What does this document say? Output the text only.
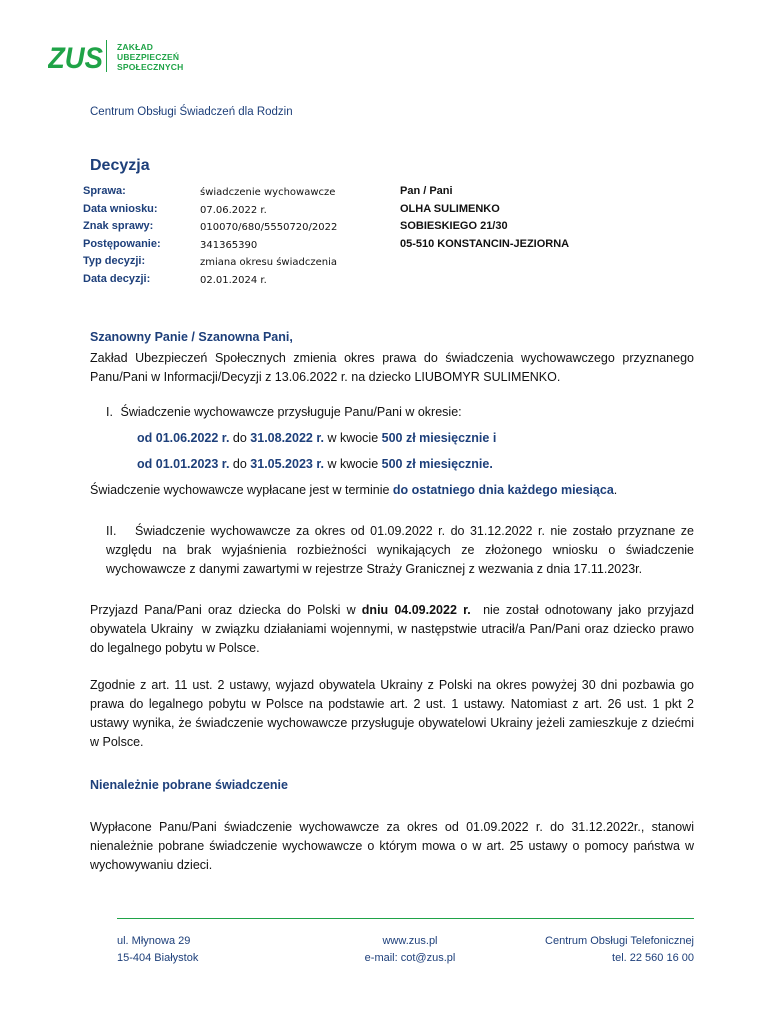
ZUS ZAKŁAD
UBEZPIECZEŃ
SPOŁECZNYCH
Centrum Obsługi Świadczeń dla Rodzin
Decyzja
Sprawa:	świadczenie wychowawcze
Data wniosku:	07.06.2022 r.
Znak sprawy:	010070/680/5550720/2022
Postępowanie:	341365390
Typ decyzji:	zmiana okresu świadczenia
Data decyzji:	02.01.2024 r.
Pan / Pani
OLHA SULIMENKO
SOBIESKIEGO 21/30
05-510 KONSTANCIN-JEZIORNA
Szanowny Panie / Szanowna Pani,
Zakład Ubezpieczeń Społecznych zmienia okres prawa do świadczenia wychowawczego przyznanego Panu/Pani w Informacji/Decyzji z 13.06.2022 r. na dziecko LIUBOMYR SULIMENKO.
I. Świadczenie wychowawcze przysługuje Panu/Pani w okresie:
od 01.06.2022 r. do 31.08.2022 r. w kwocie 500 zł miesięcznie i
od 01.01.2023 r. do 31.05.2023 r. w kwocie 500 zł miesięcznie.
Świadczenie wychowawcze wypłacane jest w terminie do ostatniego dnia każdego miesiąca.
II.	Świadczenie wychowawcze za okres od 01.09.2022 r. do 31.12.2022 r. nie zostało przyznane ze względu na brak wyjaśnienia rozbieżności wynikających ze złożonego wniosku o świadczenie wychowawcze z danymi zawartymi w rejestrze Straży Granicznej z wezwania z dnia 17.11.2023r.
Przyjazd Pana/Pani oraz dziecka do Polski w dniu 04.09.2022 r.  nie został odnotowany jako przyjazd obywatela Ukrainy  w związku działaniami wojennymi, w następstwie utracił/a Pan/Pani oraz dziecko prawo do legalnego pobytu w Polsce.
Zgodnie z art. 11 ust. 2 ustawy, wyjazd obywatela Ukrainy z Polski na okres powyżej 30 dni pozbawia go prawa do legalnego pobytu w Polsce na podstawie art. 2 ust. 1 ustawy. Natomiast z art. 26 ust. 1 pkt 2 ustawy wynika, że świadczenie wychowawcze przysługuje obywatelowi Ukrainy jeżeli zamieszkuje z dziećmi w Polsce.
Nienależnie pobrane świadczenie
Wypłacone Panu/Pani świadczenie wychowawcze za okres od 01.09.2022 r. do 31.12.2022r., stanowi nienależnie pobrane świadczenie wychowawcze o którym mowa o w art. 25 ustawy o pomocy państwa w wychowywaniu dzieci.
ul. Młynowa 29
15-404 Białystok
www.zus.pl
e-mail: cot@zus.pl
Centrum Obsługi Telefonicznej
tel. 22 560 16 00
